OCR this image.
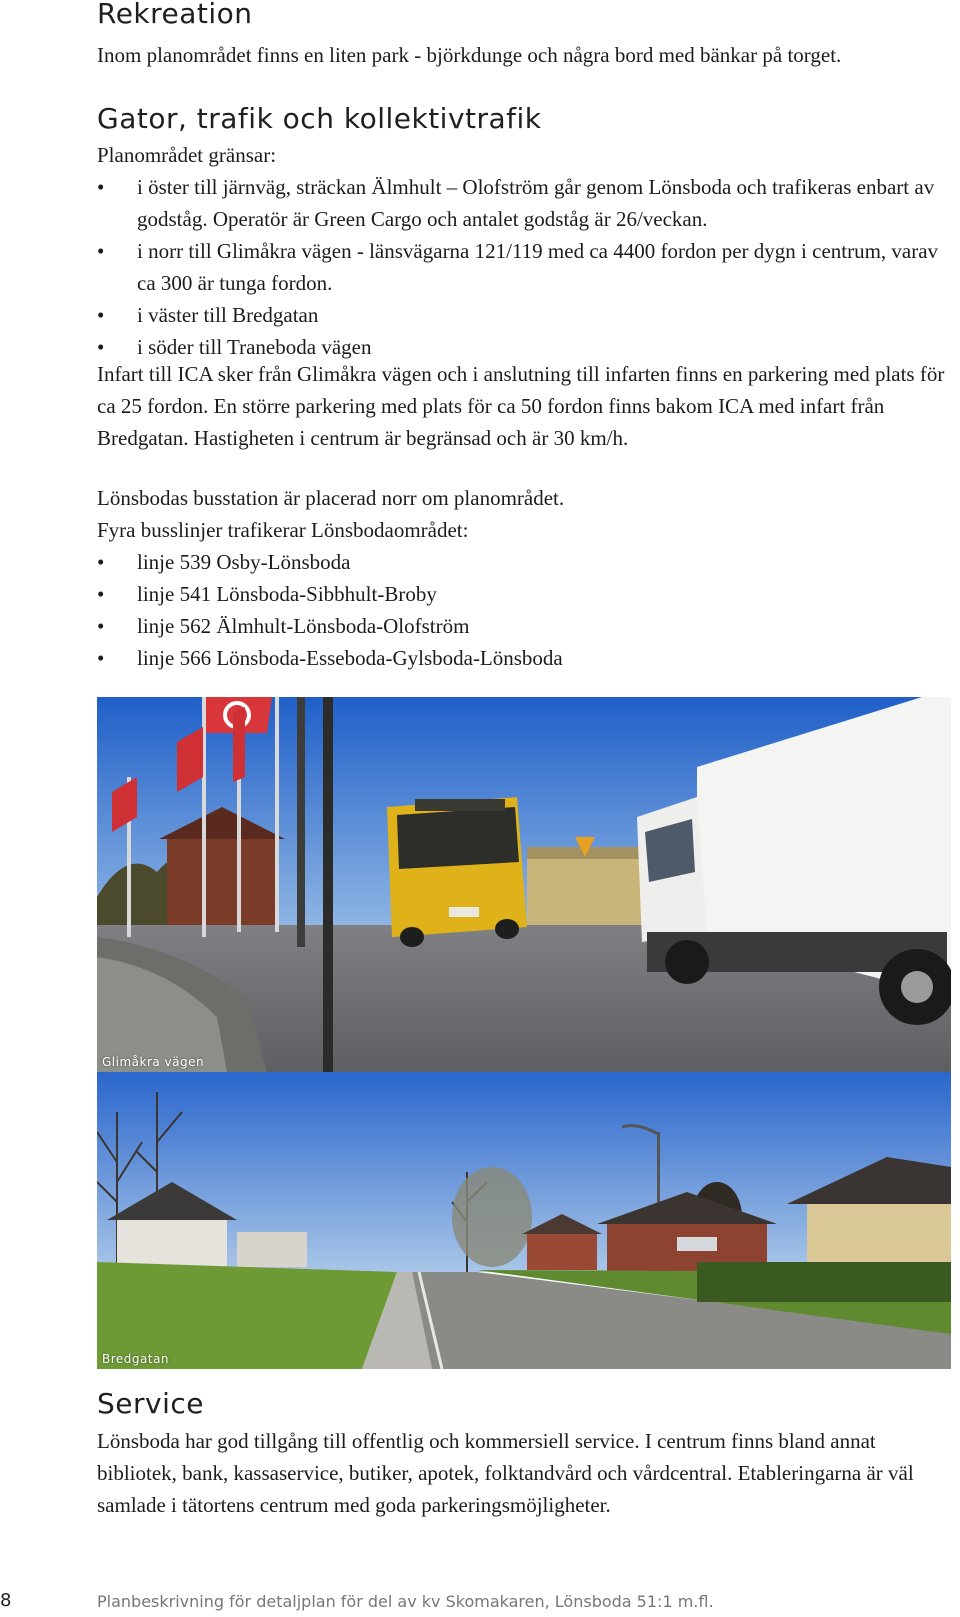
Rekreation

Inom planområdet finns en liten park - björkdunge och några bord med bänkar på torget.

Gator, trafik och kollektivtrafik

Planområdet gränsar:

•	i öster till järnväg, sträckan Älmhult – Olofström går genom Lönsboda och trafikeras enbart av godståg. Operatör är Green Cargo och antalet godståg är 26/veckan.
•	i norr till Glimåkra vägen - länsvägarna 121/119 med ca 4400 fordon per dygn i centrum, varav ca 300 är tunga fordon.
•	i väster till Bredgatan
•	i söder till Traneboda vägen

Infart till ICA sker från Glimåkra vägen och i anslutning till infarten finns en parkering med plats för ca 25 fordon. En större parkering med plats för ca 50 fordon finns bakom ICA med infart från Bredgatan. Hastigheten i centrum är begränsad och är 30 km/h.

Lönsbodas busstation är placerad norr om planområdet.

Fyra busslinjer trafikerar Lönsbodaområdet:

•	linje 539 Osby-Lönsboda
•	linje 541 Lönsboda-Sibbhult-Broby
•	linje 562 Älmhult-Lönsboda-Olofström
•	linje 566 Lönsboda-Esseboda-Gylsboda-Lönsboda
Glimåkra vägen
Bredgatan
Service

Lönsboda har god tillgång till offentlig och kommersiell service. I centrum finns bland annat bibliotek, bank, kassaservice, butiker, apotek, folktandvård och vårdcentral. Etableringarna är väl samlade i tätortens centrum med goda parkeringsmöjligheter.

8	Planbeskrivning för detaljplan för del av kv Skomakaren, Lönsboda 51:1 m.fl.
